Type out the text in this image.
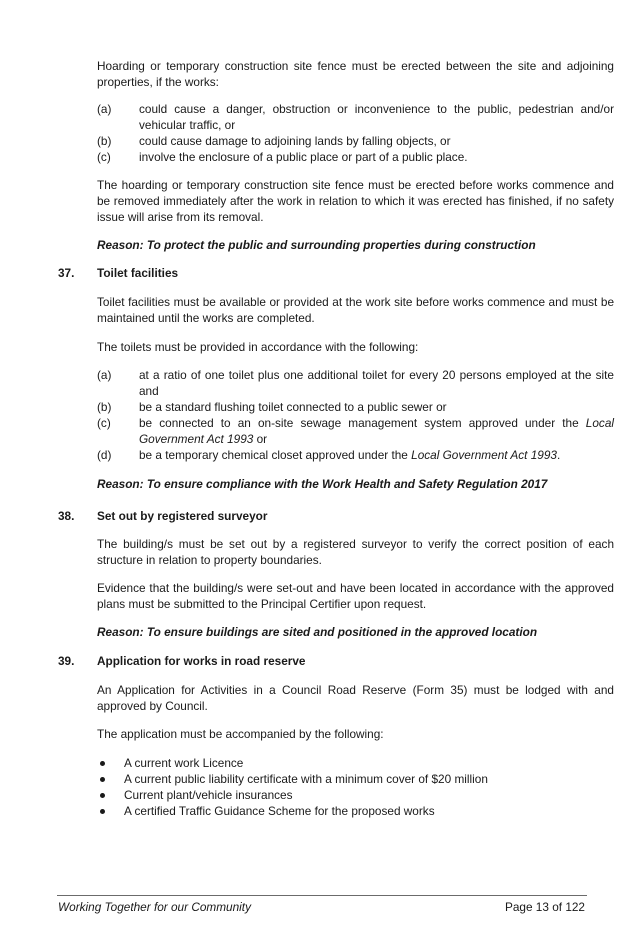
Hoarding or temporary construction site fence must be erected between the site and adjoining properties, if the works:

(a)	could cause a danger, obstruction or inconvenience to the public, pedestrian and/or vehicular traffic, or
(b)	could cause damage to adjoining lands by falling objects, or
(c)	involve the enclosure of a public place or part of a public place.

The hoarding or temporary construction site fence must be erected before works commence and be removed immediately after the work in relation to which it was erected has finished, if no safety issue will arise from its removal.

Reason: To protect the public and surrounding properties during construction

37.	Toilet facilities

Toilet facilities must be available or provided at the work site before works commence and must be maintained until the works are completed.

The toilets must be provided in accordance with the following:

(a)	at a ratio of one toilet plus one additional toilet for every 20 persons employed at the site and
(b)	be a standard flushing toilet connected to a public sewer or
(c)	be connected to an on-site sewage management system approved under the Local Government Act 1993 or
(d)	be a temporary chemical closet approved under the Local Government Act 1993.

Reason: To ensure compliance with the Work Health and Safety Regulation 2017

38.	Set out by registered surveyor

The building/s must be set out by a registered surveyor to verify the correct position of each structure in relation to property boundaries.

Evidence that the building/s were set-out and have been located in accordance with the approved plans must be submitted to the Principal Certifier upon request.

Reason: To ensure buildings are sited and positioned in the approved location

39.	Application for works in road reserve

An Application for Activities in a Council Road Reserve (Form 35) must be lodged with and approved by Council.

The application must be accompanied by the following:

A current work Licence
A current public liability certificate with a minimum cover of $20 million
Current plant/vehicle insurances
A certified Traffic Guidance Scheme for the proposed works
Working Together for our Community	Page 13 of 122
